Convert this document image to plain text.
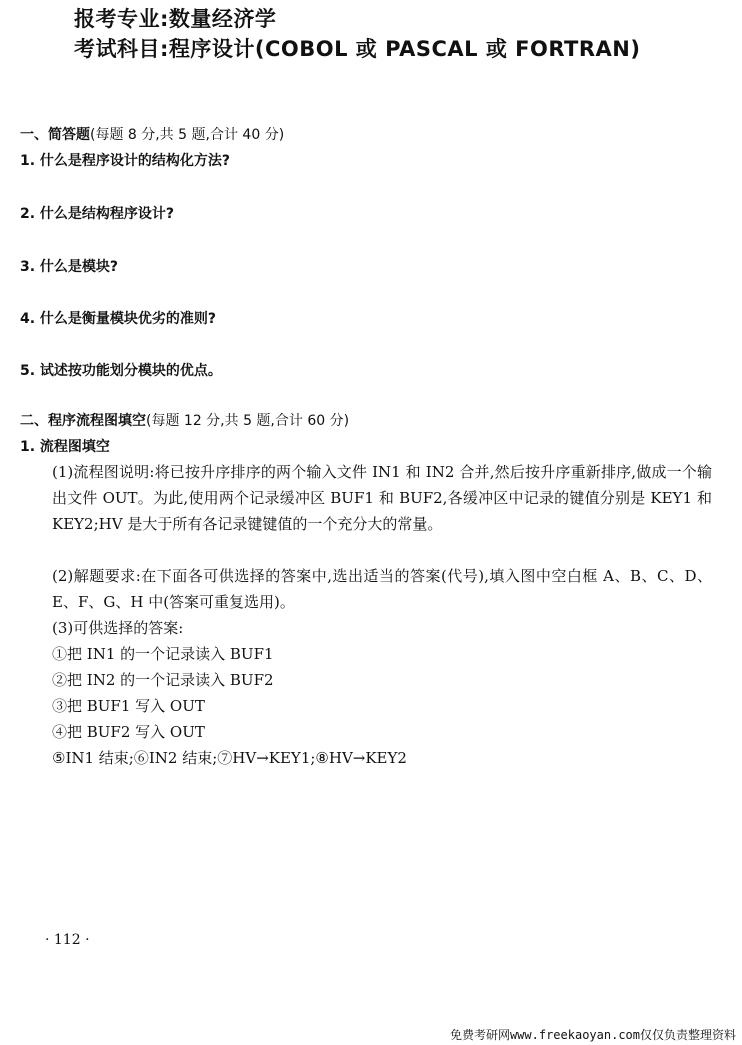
报考专业:数量经济学
考试科目:程序设计(COBOL 或 PASCAL 或 FORTRAN)
一、简答题(每题 8 分,共 5 题,合计 40 分)
1. 什么是程序设计的结构化方法?
2. 什么是结构程序设计?
3. 什么是模块?
4. 什么是衡量模块优劣的准则?
5. 试述按功能划分模块的优点。
二、程序流程图填空(每题 12 分,共 5 题,合计 60 分)
1. 流程图填空
(1)流程图说明:将已按升序排序的两个输入文件 IN1 和 IN2 合并,然后按升序重新排序,做成一个输出文件 OUT。为此,使用两个记录缓冲区 BUF1 和 BUF2,各缓冲区中记录的键值分别是 KEY1 和 KEY2;HV 是大于所有各记录键键值的一个充分大的常量。
(2)解题要求:在下面各可供选择的答案中,选出适当的答案(代号),填入图中空白框 A、B、C、D、E、F、G、H 中(答案可重复选用)。
(3)可供选择的答案:
①把 IN1 的一个记录读入 BUF1
②把 IN2 的一个记录读入 BUF2
③把 BUF1 写入 OUT
④把 BUF2 写入 OUT
⑤IN1 结束;⑥IN2 结束;⑦HV→KEY1;⑧HV→KEY2
· 112 ·
免费考研网www.freekaoyan.com仅仅负责整理资料
